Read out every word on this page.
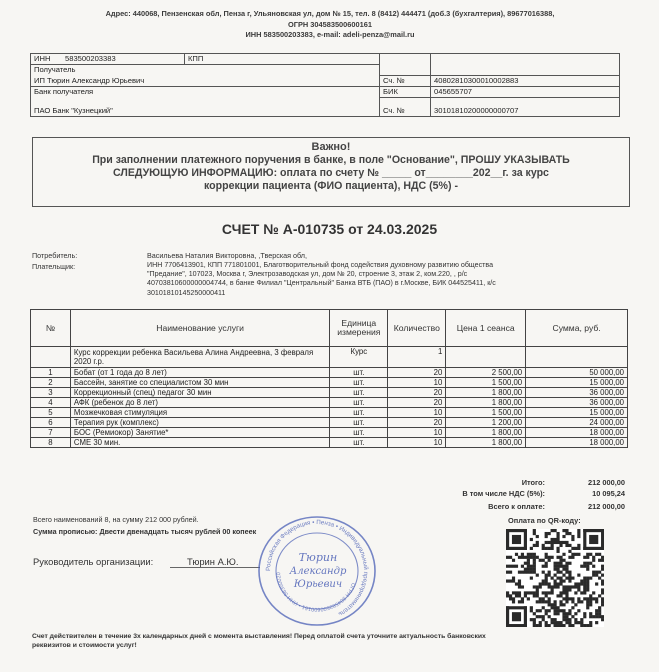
Адрес: 440068, Пензенская обл, Пенза г, Ульяновская ул, дом № 15, тел. 8 (8412) 444471 (доб.3 (бухгалтерия), 89677016388,
ОГРН 304583500600161
ИНН 583500203383, e-mail: adeli-penza@mail.ru
ИНН	583500203383	КПП		
Получатель				
ИП Тюрин Александр Юрьевич			Сч. №	40802810300010002883
Банк получателя			БИК	045655707

ПАО Банк "Кузнецкий"			Сч. №	30101810200000000707
Важно!
При заполнении платежного поручения в банке, в поле "Основание", ПРОШУ УКАЗЫВАТЬ
СЛЕДУЮЩУЮ ИНФОРМАЦИЮ: оплата по счету № _____ от________202__г. за курс
коррекции пациента (ФИО пациента), НДС (5%) -
СЧЕТ № А-010735 от 24.03.2025
Потребитель:	Васильева Наталия Викторовна, ,Тверская обл,
Плательщик:	ИНН 7706413901, КПП 771801001, Благотворительный фонд содействия духовному развитию общества
"Предание", 107023, Москва г, Электрозаводская ул, дом № 20, строение 3, этаж 2, ком.220, , р/с
40703810600000004744, в банке Филиал "Центральный" Банка ВТБ (ПАО) в г.Москве, БИК 044525411, к/с
30101810145250000411
№	Наименование услуги	Единица измерения	Количество	Цена 1 сеанса	Сумма, руб.
	Курс коррекции ребенка Васильева Алина Андреевна, 3 февраля 2020 г.р.	Курс	1		
1	Бобат (от 1 года до 8 лет)	шт.	20	2 500,00	50 000,00
2	Бассейн, занятие со специалистом 30 мин	шт.	10	1 500,00	15 000,00
3	Коррекционный (спец) педагог 30 мин	шт.	20	1 800,00	36 000,00
4	АФК (ребенок до 8 лет)	шт.	20	1 800,00	36 000,00
5	Мозжечковая стимуляция	шт.	10	1 500,00	15 000,00
6	Терапия рук (комплекс)	шт.	20	1 200,00	24 000,00
7	БОС (Ремиокор) Занятие*	шт.	10	1 800,00	18 000,00
8	СМЕ 30 мин.	шт.	10	1 800,00	18 000,00
Итого:	212 000,00
В том числе НДС (5%):	10 095,24
Всего к оплате:	212 000,00
Оплата по QR-коду:
Всего наименований 8, на сумму 212 000 рублей.
Сумма прописью: Двести двенадцать тысяч рублей 00 копеек
Руководитель организации:	Тюрин А.Ю.
Счет действителен в течение 3х календарных дней с момента выставления! Перед оплатой счета уточните актуальность банковских
реквизитов и стоимости услуг!
Российская Федерация • Пенза • Индивидуальный предприниматель
ОГРН 304583500600161 • ИНН 58350020
Тюрин
Александр
Юрьевич
